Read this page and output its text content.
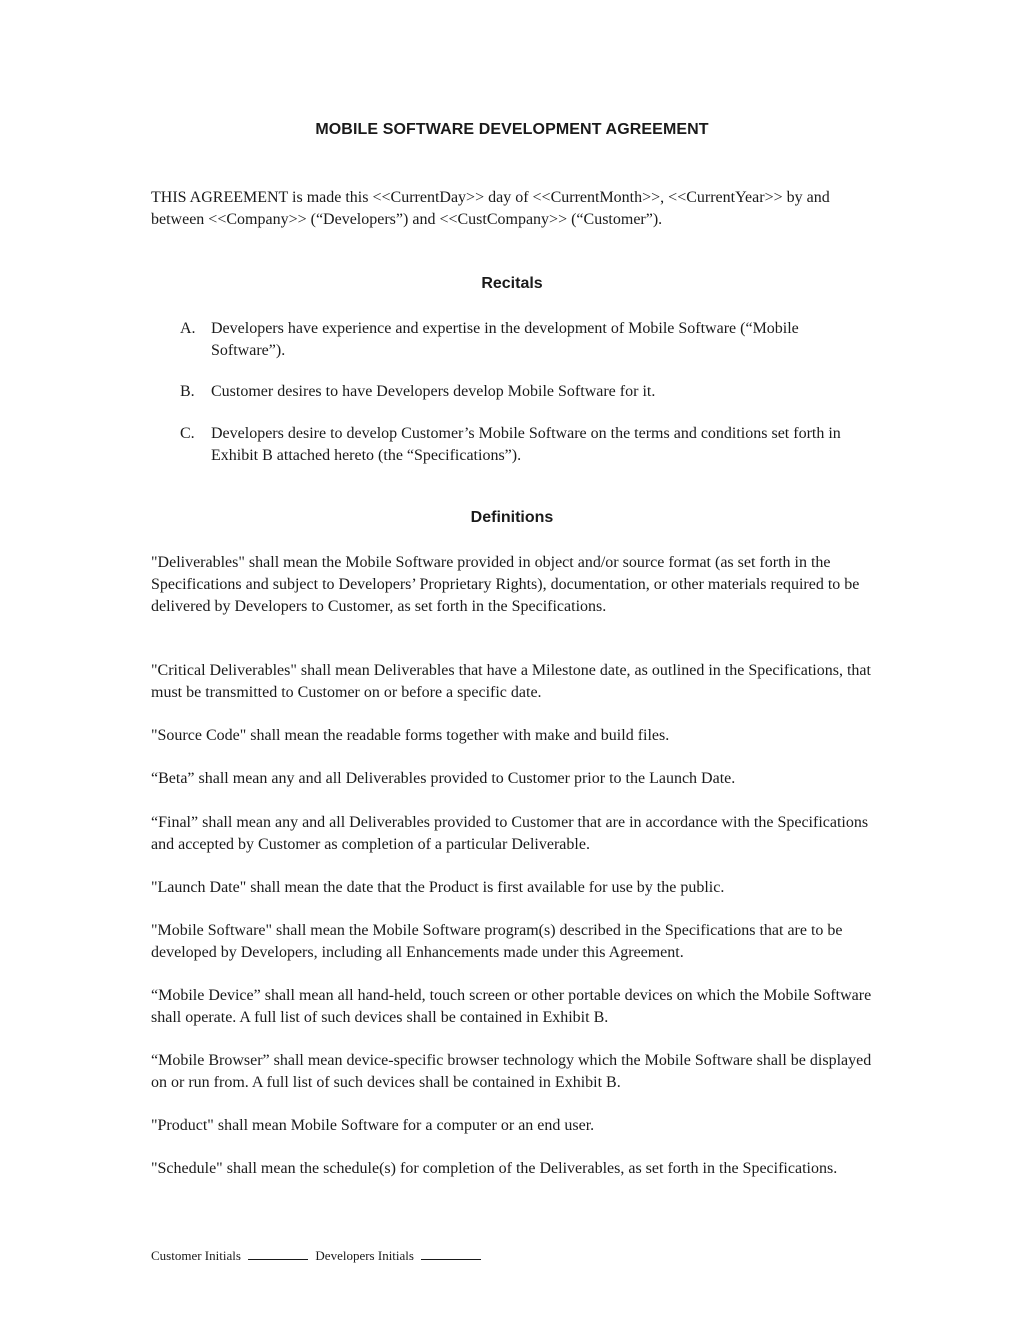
MOBILE SOFTWARE DEVELOPMENT AGREEMENT

THIS AGREEMENT is made this <<CurrentDay>> day of <<CurrentMonth>>, <<CurrentYear>> by and between <<Company>> (“Developers”) and <<CustCompany>> (“Customer”).

Recitals
A. Developers have experience and expertise in the development of Mobile Software (“Mobile Software”).
B. Customer desires to have Developers develop Mobile Software for it.
C. Developers desire to develop Customer’s Mobile Software on the terms and conditions set forth in Exhibit B attached hereto (the “Specifications”).
Definitions

"Deliverables" shall mean the Mobile Software provided in object and/or source format (as set forth in the Specifications and subject to Developers’ Proprietary Rights), documentation, or other materials required to be delivered by Developers to Customer, as set forth in the Specifications.

"Critical Deliverables" shall mean Deliverables that have a Milestone date, as outlined in the Specifications, that must be transmitted to Customer on or before a specific date.

"Source Code" shall mean the readable forms together with make and build files.

“Beta” shall mean any and all Deliverables provided to Customer prior to the Launch Date.

“Final” shall mean any and all Deliverables provided to Customer that are in accordance with the Specifications and accepted by Customer as completion of a particular Deliverable.

"Launch Date" shall mean the date that the Product is first available for use by the public.

"Mobile Software" shall mean the Mobile Software program(s) described in the Specifications that are to be developed by Developers, including all Enhancements made under this Agreement.

“Mobile Device” shall mean all hand-held, touch screen or other portable devices on which the Mobile Software shall operate. A full list of such devices shall be contained in Exhibit B.

“Mobile Browser” shall mean device-specific browser technology which the Mobile Software shall be displayed on or run from. A full list of such devices shall be contained in Exhibit B.

"Product" shall mean Mobile Software for a computer or an end user.

"Schedule" shall mean the schedule(s) for completion of the Deliverables, as set forth in the Specifications.

Customer Initials	Developers Initials
